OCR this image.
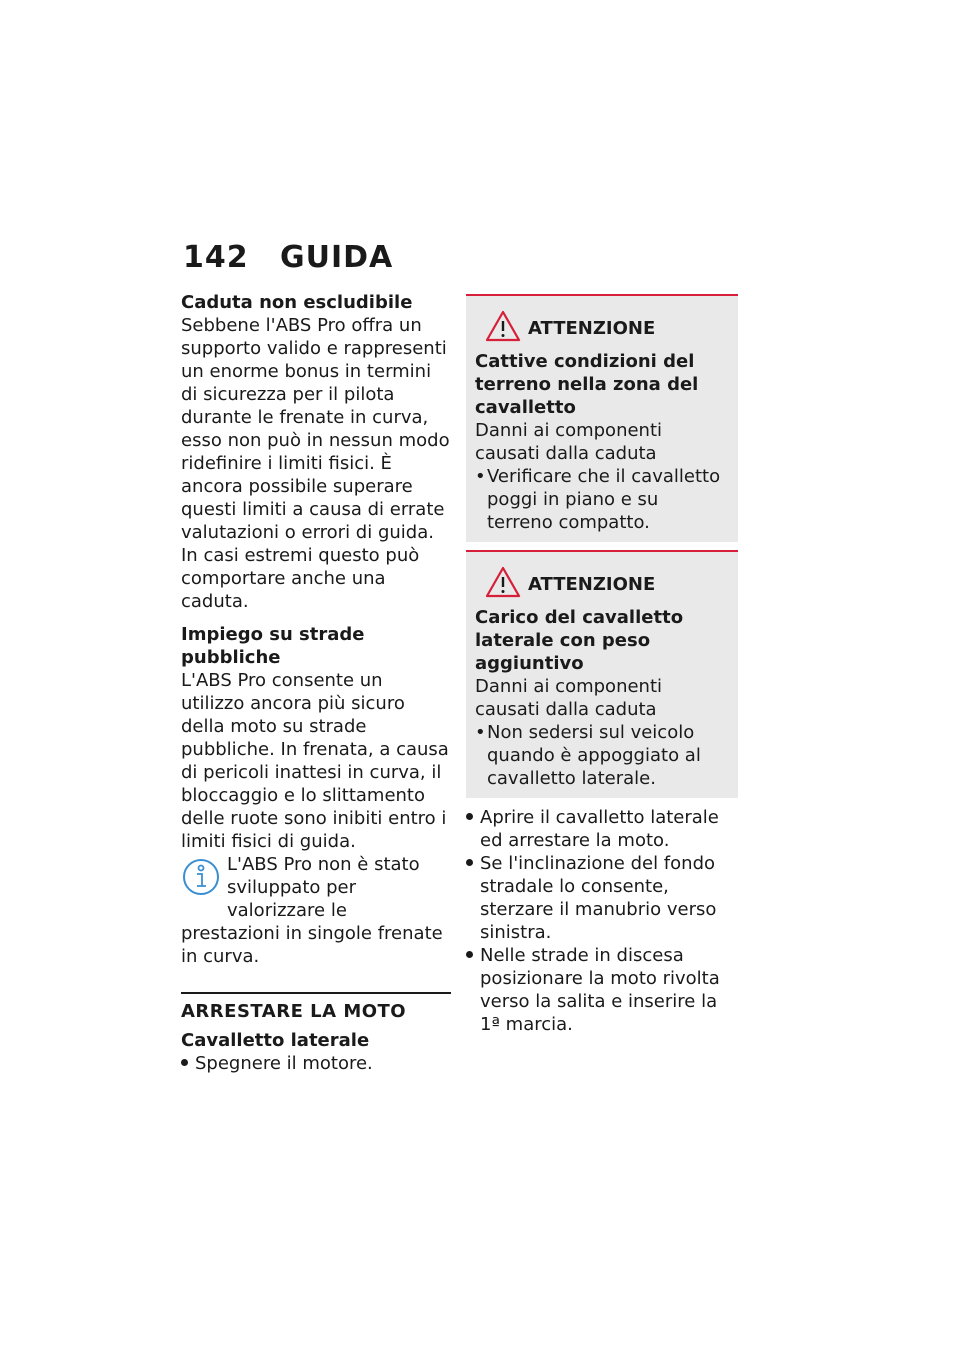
142 GUIDA
Caduta non escludibile

Sebbene l'ABS Pro offra un supporto valido e rappresenti un enorme bonus in termini di sicurezza per il pilota durante le frenate in curva, esso non può in nessun modo ridefinire i limiti fisici. È ancora possibile superare questi limiti a causa di errate valutazioni o errori di guida. In casi estremi questo può comportare anche una caduta.

Impiego su strade pubbliche

L'ABS Pro consente un utilizzo ancora più sicuro della moto su strade pubbliche. In frenata, a causa di pericoli inattesi in curva, il bloccaggio e lo slittamento delle ruote sono inibiti entro i limiti fisici di guida.

L'ABS Pro non è stato sviluppato per valorizzare le prestazioni in singole frenate in curva.
ARRESTARE LA MOTO
Cavalletto laterale
Spegnere il motore.
ATTENZIONE
Cattive condizioni del terreno nella zona del cavalletto
Danni ai componenti causati dalla caduta
•
Verificare che il cavalletto poggi in piano e su terreno compatto.
ATTENZIONE
Carico del cavalletto laterale con peso aggiuntivo
Danni ai componenti causati dalla caduta
•
Non sedersi sul veicolo quando è appoggiato al cavalletto laterale.
Aprire il cavalletto laterale ed arrestare la moto.
Se l'inclinazione del fondo stradale lo consente, sterzare il manubrio verso sinistra.
Nelle strade in discesa posizionare la moto rivolta verso la salita e inserire la 1ª marcia.
